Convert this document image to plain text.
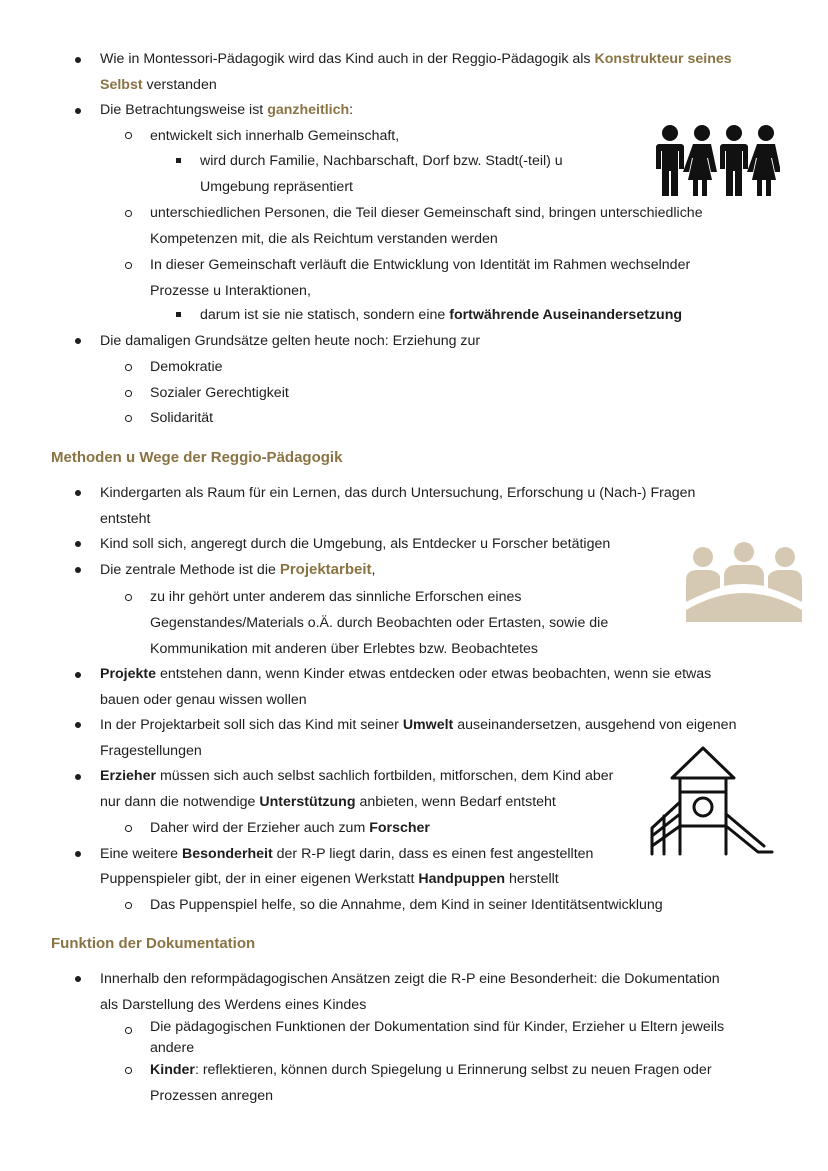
Wie in Montessori-Pädagogik wird das Kind auch in der Reggio-Pädagogik als Konstrukteur seines

Selbst verstanden

Die Betrachtungsweise ist ganzheitlich:

entwickelt sich innerhalb Gemeinschaft,

wird durch Familie, Nachbarschaft, Dorf bzw. Stadt(-teil) u

Umgebung repräsentiert

unterschiedlichen Personen, die Teil dieser Gemeinschaft sind, bringen unterschiedliche

Kompetenzen mit, die als Reichtum verstanden werden

In dieser Gemeinschaft verläuft die Entwicklung von Identität im Rahmen wechselnder

Prozesse u Interaktionen,

darum ist sie nie statisch, sondern eine fortwährende Auseinandersetzung

Die damaligen Grundsätze gelten heute noch: Erziehung zur

Demokratie

Sozialer Gerechtigkeit

Solidarität

Methoden u Wege der Reggio-Pädagogik

Kindergarten als Raum für ein Lernen, das durch Untersuchung, Erforschung u (Nach-) Fragen

entsteht

Kind soll sich, angeregt durch die Umgebung, als Entdecker u Forscher betätigen

Die zentrale Methode ist die Projektarbeit,

zu ihr gehört unter anderem das sinnliche Erforschen eines

Gegenstandes/Materials o.Ä. durch Beobachten oder Ertasten, sowie die

Kommunikation mit anderen über Erlebtes bzw. Beobachtetes

Projekte entstehen dann, wenn Kinder etwas entdecken oder etwas beobachten, wenn sie etwas

bauen oder genau wissen wollen

In der Projektarbeit soll sich das Kind mit seiner Umwelt auseinandersetzen, ausgehend von eigenen

Fragestellungen

Erzieher müssen sich auch selbst sachlich fortbilden, mitforschen, dem Kind aber

nur dann die notwendige Unterstützung anbieten, wenn Bedarf entsteht

Daher wird der Erzieher auch zum Forscher

Eine weitere Besonderheit der R-P liegt darin, dass es einen fest angestellten

Puppenspieler gibt, der in einer eigenen Werkstatt Handpuppen herstellt

Das Puppenspiel helfe, so die Annahme, dem Kind in seiner Identitätsentwicklung

Funktion der Dokumentation

Innerhalb den reformpädagogischen Ansätzen zeigt die R-P eine Besonderheit: die Dokumentation

als Darstellung des Werdens eines Kindes

Die pädagogischen Funktionen der Dokumentation sind für Kinder, Erzieher u Eltern jeweils

andere

Kinder: reflektieren, können durch Spiegelung u Erinnerung selbst zu neuen Fragen oder

Prozessen anregen
